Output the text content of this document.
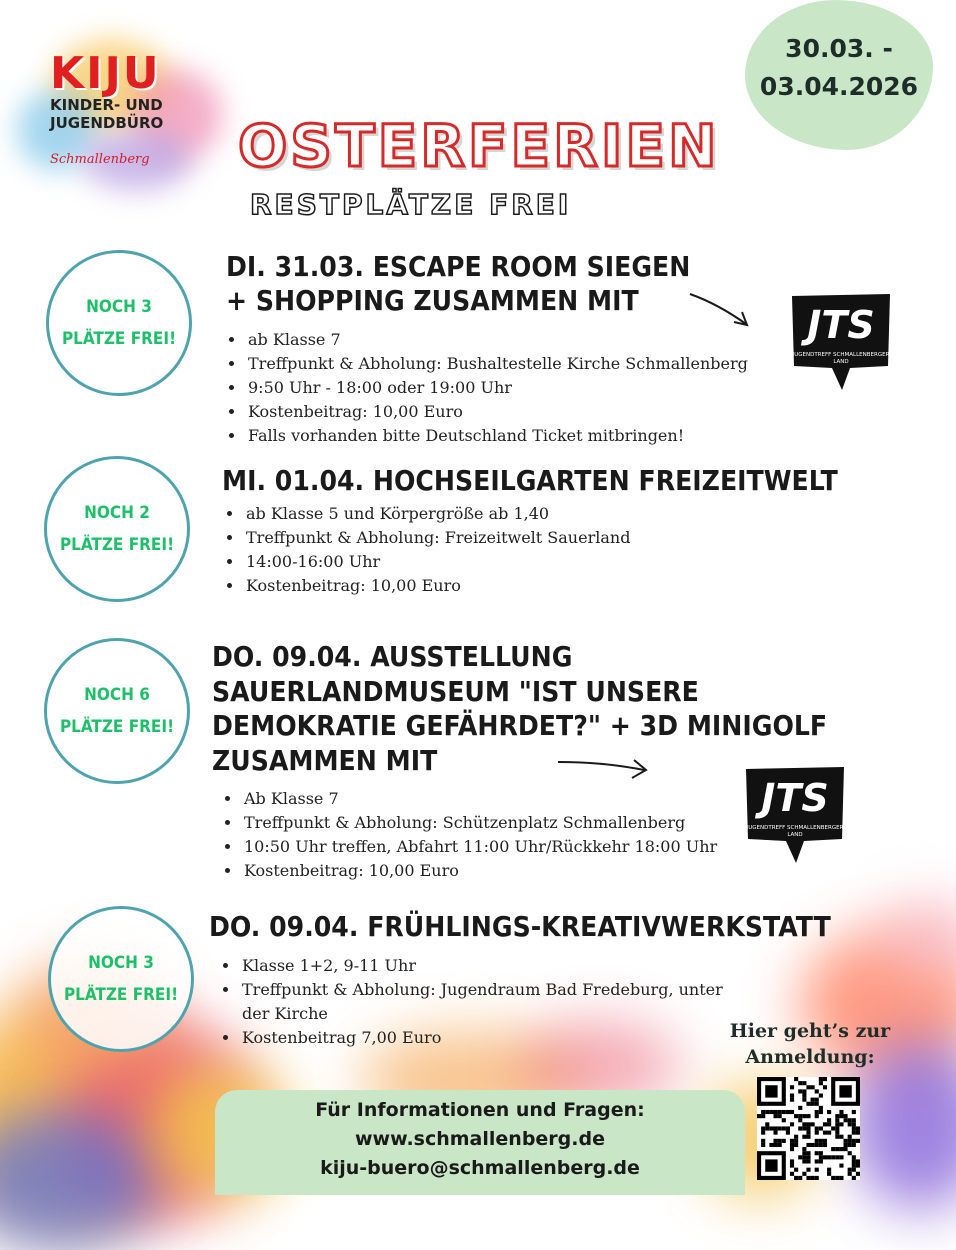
KIJU
KINDER- UND
JUGENDBÜRO
Schmallenberg
30.03. -
03.04.2026
OSTERFERIEN
RESTPLÄTZE FREI
NOCH 3
PLÄTZE FREI!
DI. 31.03. ESCAPE ROOM SIEGEN
+ SHOPPING ZUSAMMEN MIT
• ab Klasse 7
• Treffpunkt & Abholung: Bushaltestelle Kirche Schmallenberg
• 9:50 Uhr - 18:00 oder 19:00 Uhr
• Kostenbeitrag: 10,00 Euro
• Falls vorhanden bitte Deutschland Ticket mitbringen!
JTS
JUGENDTREFF SCHMALLENBERGER
LAND
NOCH 2
PLÄTZE FREI!
MI. 01.04. HOCHSEILGARTEN FREIZEITWELT
• ab Klasse 5 und Körpergröße ab 1,40
• Treffpunkt & Abholung: Freizeitwelt Sauerland
• 14:00-16:00 Uhr
• Kostenbeitrag: 10,00 Euro
NOCH 6
PLÄTZE FREI!
DO. 09.04. AUSSTELLUNG
SAUERLANDMUSEUM "IST UNSERE
DEMOKRATIE GEFÄHRDET?" + 3D MINIGOLF
ZUSAMMEN MIT
• Ab Klasse 7
• Treffpunkt & Abholung: Schützenplatz Schmallenberg
• 10:50 Uhr treffen, Abfahrt 11:00 Uhr/Rückkehr 18:00 Uhr
• Kostenbeitrag: 10,00 Euro
JTS
JUGENDTREFF SCHMALLENBERGER
LAND
NOCH 3
PLÄTZE FREI!
DO. 09.04. FRÜHLINGS-KREATIVWERKSTATT
• Klasse 1+2, 9-11 Uhr
• Treffpunkt & Abholung: Jugendraum Bad Fredeburg, unter der Kirche
• Kostenbeitrag 7,00 Euro	Hier geht’s zur
Anmeldung:
Für Informationen und Fragen:
www.schmallenberg.de
kiju-buero@schmallenberg.de
